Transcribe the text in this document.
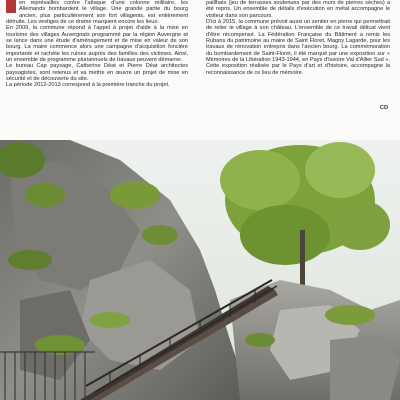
en représailles contre l'attaque d'une colonne militaire, les Allemands bombardent le village. Une grande partie du bourg ancien, plus particulièrement son fort villageois, est entièrement détruite. Les vestiges de ce drame marquent encore les lieux.

En 2009, la commune répond à l'appel à projet d'aide à la mise en tourisme des villages Auvergnats programmé par la région Auvergne et se lance dans une étude d'aménagement et de mise en valeur de son bourg. La maire commence alors une campagne d'acquisition foncière importante et rachète les ruines auprès des familles des victimes. Ainsi, un ensemble de programme pluriannuels de travaux peuvent démarrer.

Le bureau Cap paysage, Catherine Déat et Pierre Déat architectes paysagistes, sont retenus et va mettre en œuvre un projet de mise en sécurité et de découverte du site.

La période 2012-2013 correspond à la première tranche du projet.

paillhats (jeu de terrasses soutenues par des murs de pierres sèches) a été repris. Un ensemble de détails d'exécution en métal accompagne le visiteur dans son parcours.

D'ici à 2015, la commune prévoit aussi un sentier en pierre qui permettrait de relier le village à son château. L'ensemble de ce travail délicat vient d'être récompensé. La Fédération Française du Bâtiment a remis les Rubans du patrimoine au maire de Saint Floret, Magny Lagarde, pour les travaux de rénovation entrepris dans l'ancien bourg. La commémoration du bombardement de Saint-Floret, il été marqué par une exposition sur « Mémoires de la Libération 1943-1944, en Pays d'Issoire Val d'Allier Sud ». Cette exposition réalisée par le Pays d'art et d'histoire, accompagne la reconnaissance de ce lieu de mémoire.

CD
